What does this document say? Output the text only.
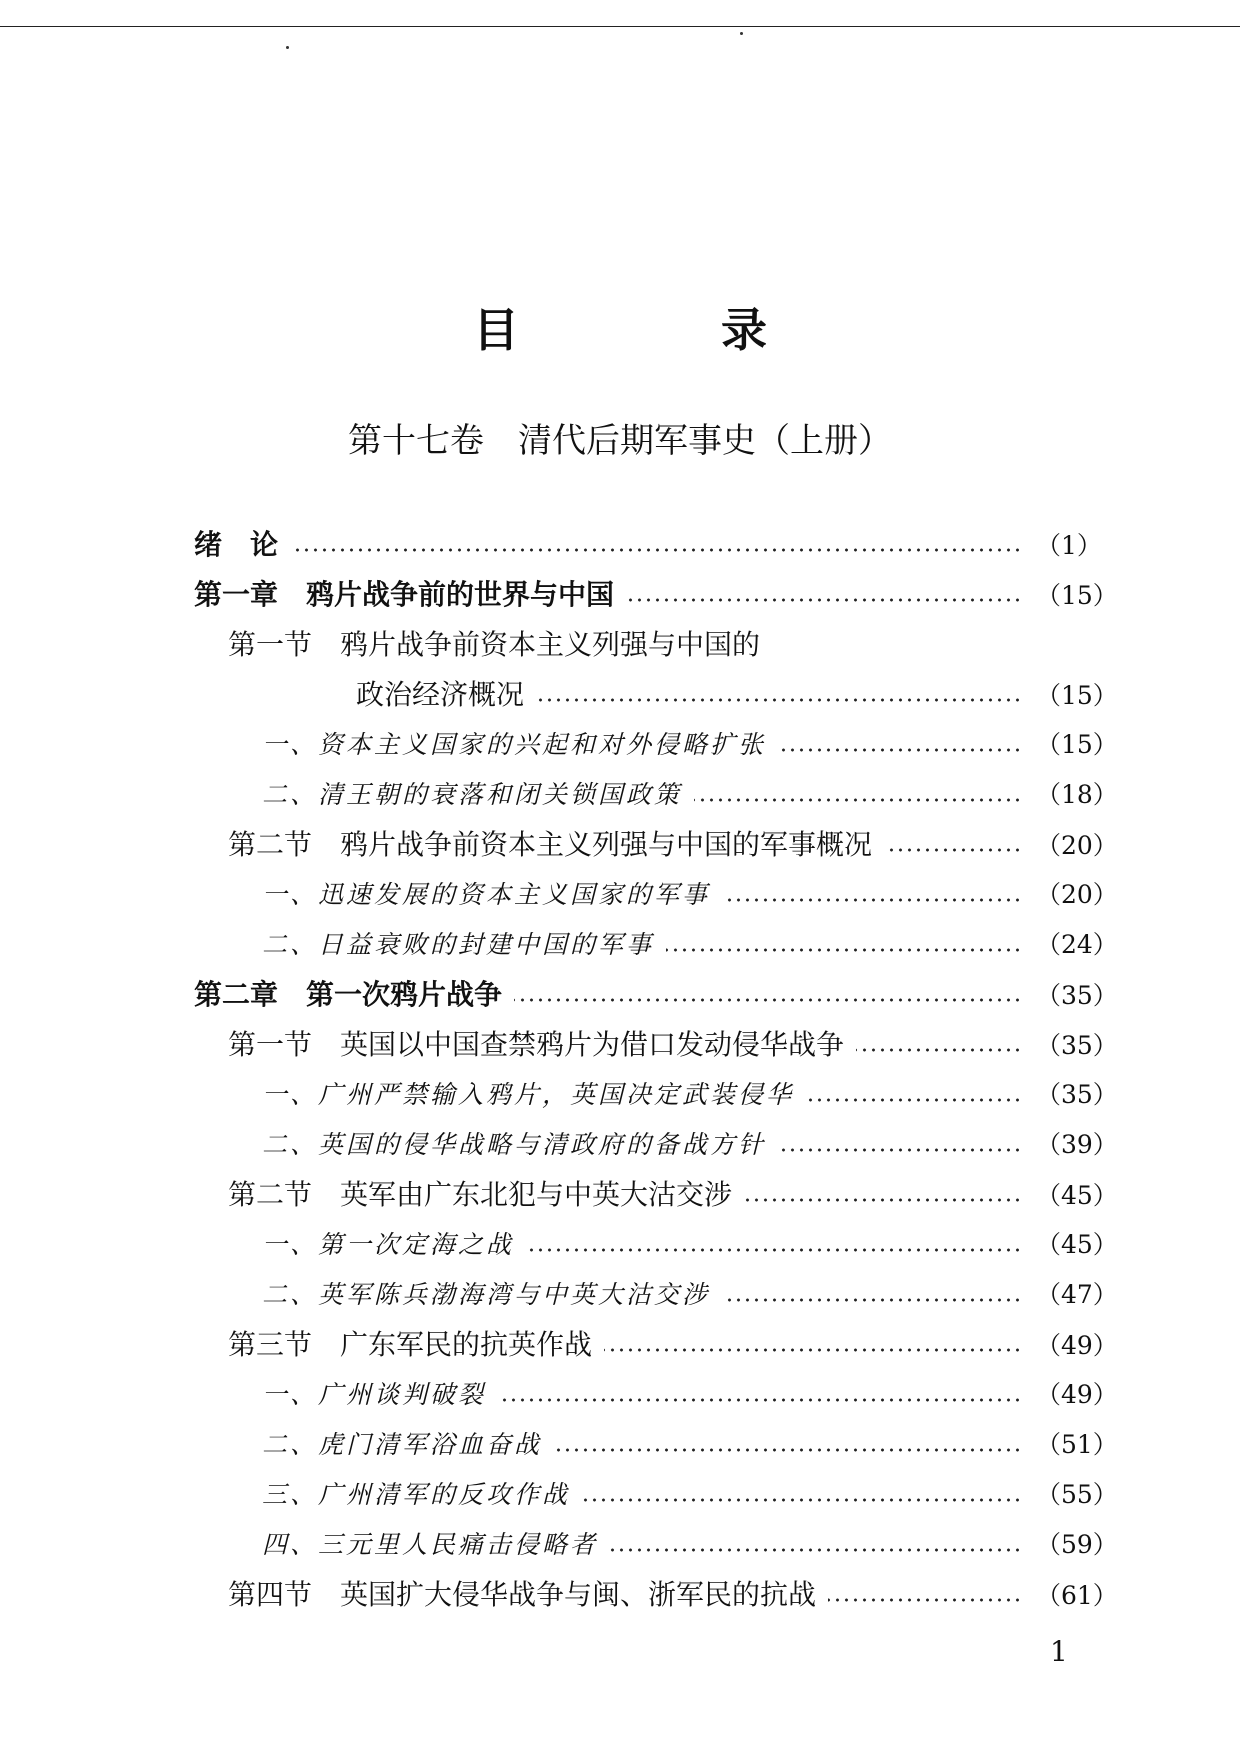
目　录
第十七卷　清代后期军事史（上册）
绪　论	（1）
第一章　鸦片战争前的世界与中国	（15）
第一节　鸦片战争前资本主义列强与中国的
政治经济概况	（15）
一、资本主义国家的兴起和对外侵略扩张	（15）
二、清王朝的衰落和闭关锁国政策	（18）
第二节　鸦片战争前资本主义列强与中国的军事概况	（20）
一、迅速发展的资本主义国家的军事	（20）
二、日益衰败的封建中国的军事	（24）
第二章　第一次鸦片战争	（35）
第一节　英国以中国查禁鸦片为借口发动侵华战争	（35）
一、广州严禁输入鸦片，英国决定武装侵华	（35）
二、英国的侵华战略与清政府的备战方针	（39）
第二节　英军由广东北犯与中英大沽交涉	（45）
一、第一次定海之战	（45）
二、英军陈兵渤海湾与中英大沽交涉	（47）
第三节　广东军民的抗英作战	（49）
一、广州谈判破裂	（49）
二、虎门清军浴血奋战	（51）
三、广州清军的反攻作战	（55）
四、三元里人民痛击侵略者	（59）
第四节　英国扩大侵华战争与闽、浙军民的抗战	（61）
1
